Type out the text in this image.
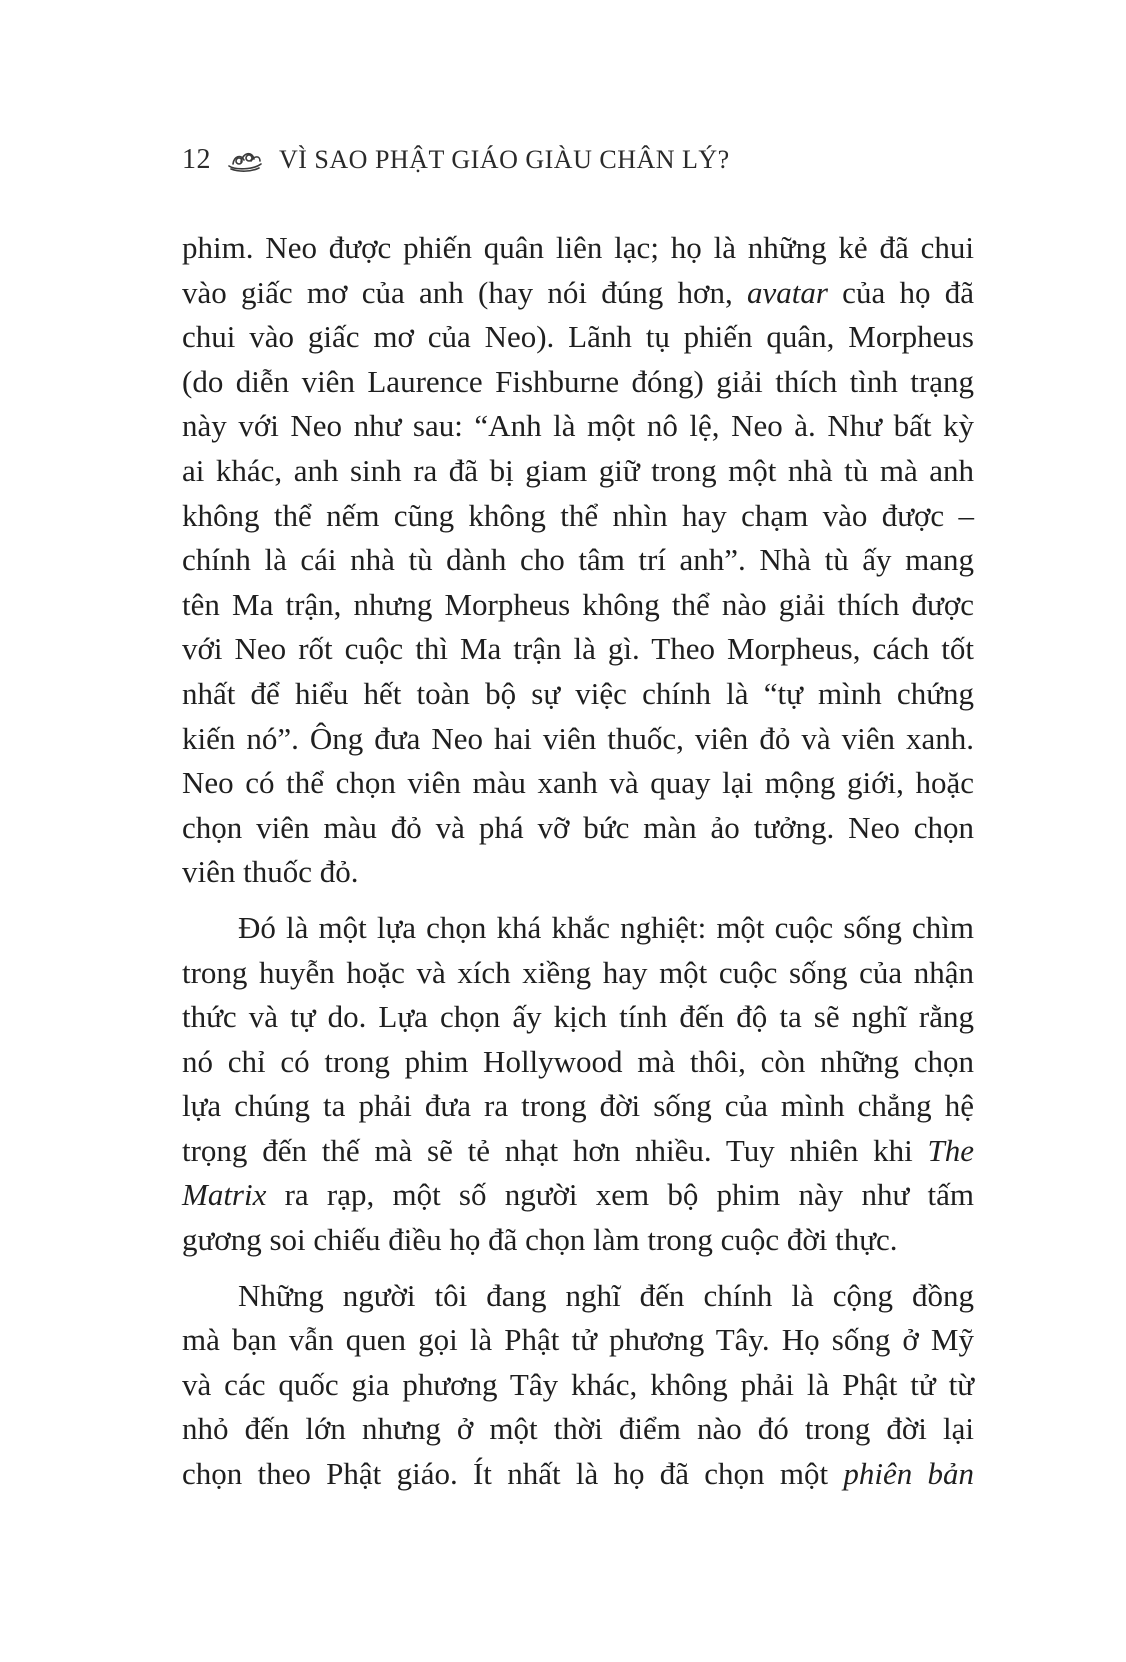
12	VÌ SAO PHẬT GIÁO GIÀU CHÂN LÝ?
phim. Neo được phiến quân liên lạc; họ là những kẻ đã chui
vào giấc mơ của anh (hay nói đúng hơn, avatar của họ đã
chui vào giấc mơ của Neo). Lãnh tụ phiến quân, Morpheus
(do diễn viên Laurence Fishburne đóng) giải thích tình trạng
này với Neo như sau: “Anh là một nô lệ, Neo à. Như bất kỳ
ai khác, anh sinh ra đã bị giam giữ trong một nhà tù mà anh
không thể nếm cũng không thể nhìn hay chạm vào được –
chính là cái nhà tù dành cho tâm trí anh”. Nhà tù ấy mang
tên Ma trận, nhưng Morpheus không thể nào giải thích được
với Neo rốt cuộc thì Ma trận là gì. Theo Morpheus, cách tốt
nhất để hiểu hết toàn bộ sự việc chính là “tự mình chứng
kiến nó”. Ông đưa Neo hai viên thuốc, viên đỏ và viên xanh.
Neo có thể chọn viên màu xanh và quay lại mộng giới, hoặc
chọn viên màu đỏ và phá vỡ bức màn ảo tưởng. Neo chọn
viên thuốc đỏ.
Đó là một lựa chọn khá khắc nghiệt: một cuộc sống chìm
trong huyễn hoặc và xích xiềng hay một cuộc sống của nhận
thức và tự do. Lựa chọn ấy kịch tính đến độ ta sẽ nghĩ rằng
nó chỉ có trong phim Hollywood mà thôi, còn những chọn
lựa chúng ta phải đưa ra trong đời sống của mình chẳng hệ
trọng đến thế mà sẽ tẻ nhạt hơn nhiều. Tuy nhiên khi The
Matrix ra rạp, một số người xem bộ phim này như tấm
gương soi chiếu điều họ đã chọn làm trong cuộc đời thực.
Những người tôi đang nghĩ đến chính là cộng đồng
mà bạn vẫn quen gọi là Phật tử phương Tây. Họ sống ở Mỹ
và các quốc gia phương Tây khác, không phải là Phật tử từ
nhỏ đến lớn nhưng ở một thời điểm nào đó trong đời lại
chọn theo Phật giáo. Ít nhất là họ đã chọn một phiên bản
